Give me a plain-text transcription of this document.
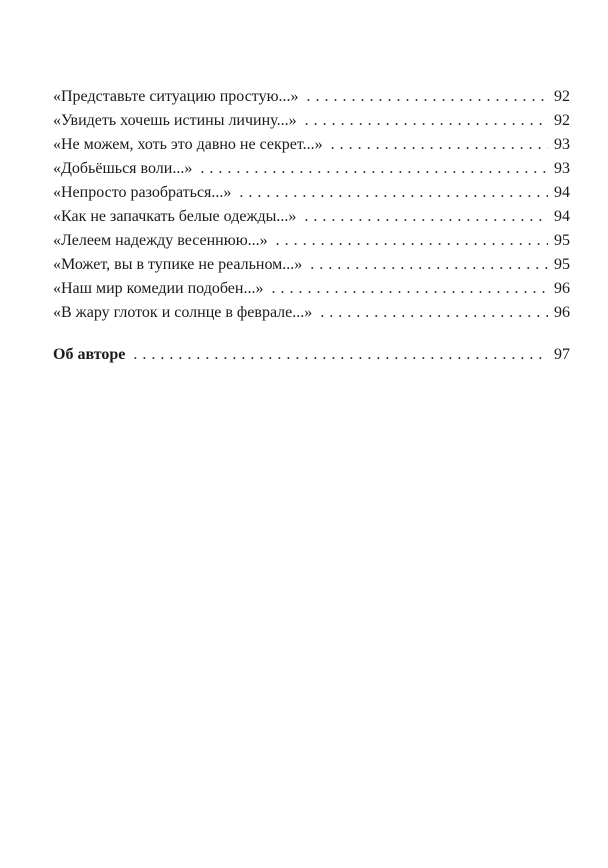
«Представьте ситуацию простую...» . . .	92
«Увидеть хочешь истины личину...» . . .	92
«Не можем, хоть это давно не секрет...» . . .	93
«Добьёшься воли...» . . .	93
«Непросто разобраться...» . . .	94
«Как не запачкать белые одежды...» . . .	94
«Лелеем надежду весеннюю...» . . .	95
«Может, вы в тупике не реальном...» . . .	95
«Наш мир комедии подобен...» . . .	96
«В жару глоток и солнце в феврале...» . . .	96
Об авторе . . .	97
